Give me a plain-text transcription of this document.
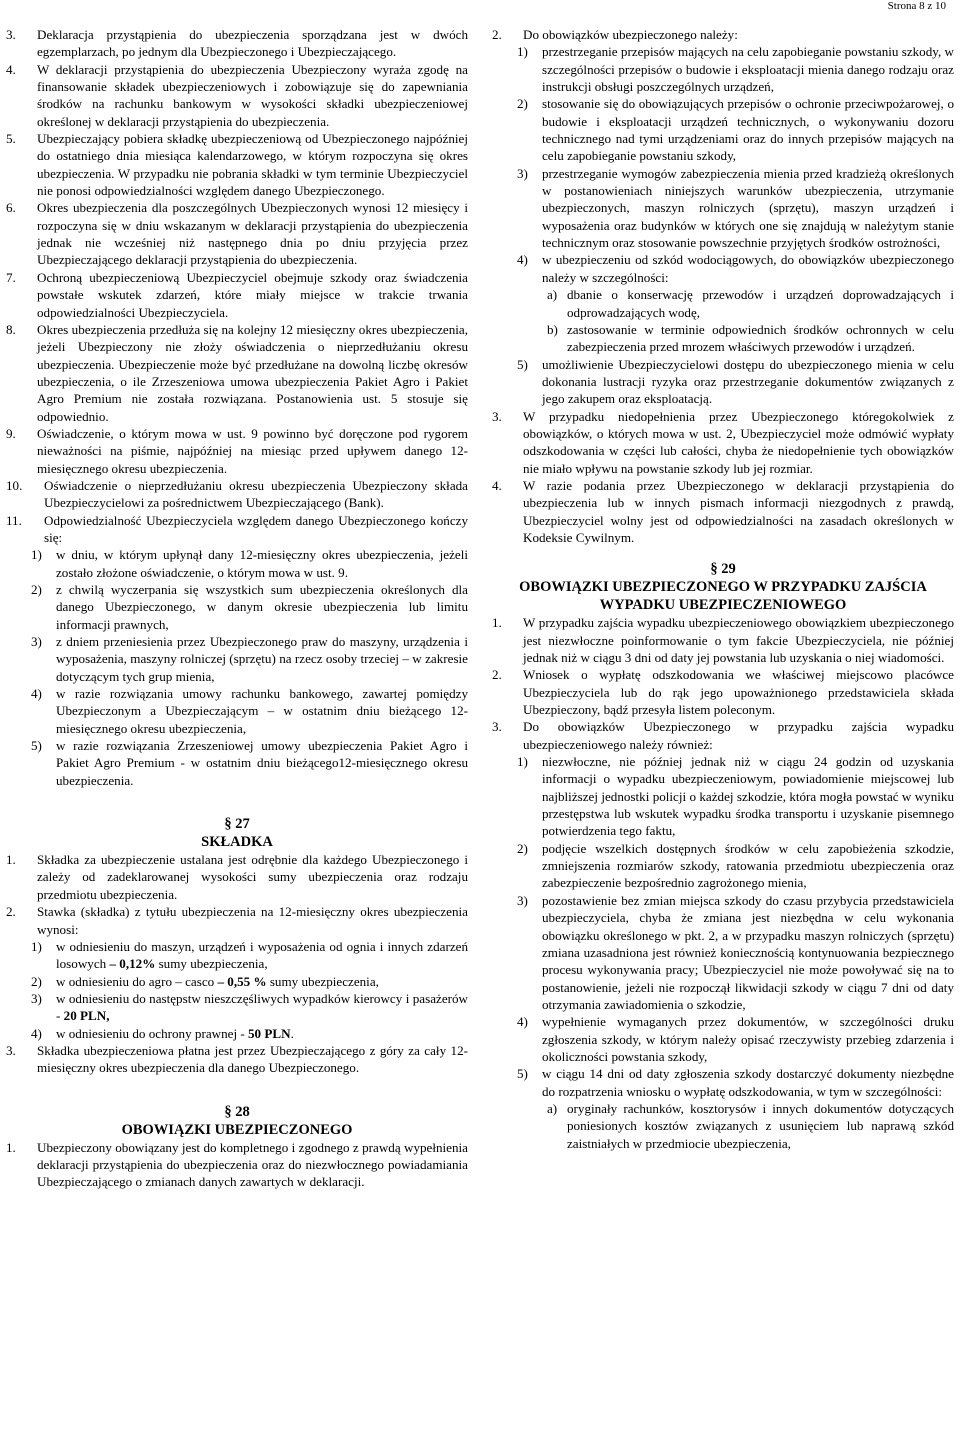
Strona 8 z 10

3. Deklaracja przystąpienia do ubezpieczenia sporządzana jest w dwóch egzemplarzach, po jednym dla Ubezpieczonego i Ubezpieczającego.

4. W deklaracji przystąpienia do ubezpieczenia Ubezpieczony wyraża zgodę na finansowanie składek ubezpieczeniowych i zobowiązuje się do zapewniania środków na rachunku bankowym w wysokości składki ubezpieczeniowej określonej w deklaracji przystąpienia do ubezpieczenia.

5. Ubezpieczający pobiera składkę ubezpieczeniową od Ubezpieczonego najpóźniej do ostatniego dnia miesiąca kalendarzowego, w którym rozpoczyna się okres ubezpieczenia. W przypadku nie pobrania składki w tym terminie Ubezpieczyciel nie ponosi odpowiedzialności względem danego Ubezpieczonego.

6. Okres ubezpieczenia dla poszczególnych Ubezpieczonych wynosi 12 miesięcy i rozpoczyna się w dniu wskazanym w deklaracji przystąpienia do ubezpieczenia jednak nie wcześniej niż następnego dnia po dniu przyjęcia przez Ubezpieczającego deklaracji przystąpienia do ubezpieczenia.

7. Ochroną ubezpieczeniową Ubezpieczyciel obejmuje szkody oraz świadczenia powstałe wskutek zdarzeń, które miały miejsce w trakcie trwania odpowiedzialności Ubezpieczyciela.

8. Okres ubezpieczenia przedłuża się na kolejny 12 miesięczny okres ubezpieczenia, jeżeli Ubezpieczony nie złoży oświadczenia o nieprzedłużaniu okresu ubezpieczenia. Ubezpieczenie może być przedłużane na dowolną liczbę okresów ubezpieczenia, o ile Zrzeszeniowa umowa ubezpieczenia Pakiet Agro i Pakiet Agro Premium nie została rozwiązana. Postanowienia ust. 5 stosuje się odpowiednio.

9. Oświadczenie, o którym mowa w ust. 9 powinno być doręczone pod rygorem nieważności na piśmie, najpóźniej na miesiąc przed upływem danego 12-miesięcznego okresu ubezpieczenia.

10. Oświadczenie o nieprzedłużaniu okresu ubezpieczenia Ubezpieczony składa Ubezpieczycielowi za pośrednictwem Ubezpieczającego (Bank).

11. Odpowiedzialność Ubezpieczyciela względem danego Ubezpieczonego kończy się:

1) w dniu, w którym upłynął dany 12-miesięczny okres ubezpieczenia, jeżeli zostało złożone oświadczenie, o którym mowa w ust. 9.

2) z chwilą wyczerpania się wszystkich sum ubezpieczenia określonych dla danego Ubezpieczonego, w danym okresie ubezpieczenia lub limitu informacji prawnych,

3) z dniem przeniesienia przez Ubezpieczonego praw do maszyny, urządzenia i wyposażenia, maszyny rolniczej (sprzętu) na rzecz osoby trzeciej – w zakresie dotyczącym tych grup mienia,

4) w razie rozwiązania umowy rachunku bankowego, zawartej pomiędzy Ubezpieczonym a Ubezpieczającym – w ostatnim dniu bieżącego 12-miesięcznego okresu ubezpieczenia,

5) w razie rozwiązania Zrzeszeniowej umowy ubezpieczenia Pakiet Agro i Pakiet Agro Premium - w ostatnim dniu bieżącego12-miesięcznego okresu ubezpieczenia.

§ 27

SKŁADKA

1. Składka za ubezpieczenie ustalana jest odrębnie dla każdego Ubezpieczonego i zależy od zadeklarowanej wysokości sumy ubezpieczenia oraz rodzaju przedmiotu ubezpieczenia.

2. Stawka (składka) z tytułu ubezpieczenia na 12-miesięczny okres ubezpieczenia wynosi:

1) w odniesieniu do maszyn, urządzeń i wyposażenia od ognia i innych zdarzeń losowych – 0,12% sumy ubezpieczenia,

2) w odniesieniu do agro – casco – 0,55 % sumy ubezpieczenia,

3) w odniesieniu do następstw nieszczęśliwych wypadków kierowcy i pasażerów - 20 PLN,

4) w odniesieniu do ochrony prawnej - 50 PLN.

3. Składka ubezpieczeniowa płatna jest przez Ubezpieczającego z góry za cały 12-miesięczny okres ubezpieczenia dla danego Ubezpieczonego.

§ 28

OBOWIĄZKI UBEZPIECZONEGO

1. Ubezpieczony obowiązany jest do kompletnego i zgodnego z prawdą wypełnienia deklaracji przystąpienia do ubezpieczenia oraz do niezwłocznego powiadamiania Ubezpieczającego o zmianach danych zawartych w deklaracji.

2. Do obowiązków ubezpieczonego należy:

1) przestrzeganie przepisów mających na celu zapobieganie powstaniu szkody, w szczególności przepisów o budowie i eksploatacji mienia danego rodzaju oraz instrukcji obsługi poszczególnych urządzeń,

2) stosowanie się do obowiązujących przepisów o ochronie przeciwpożarowej, o budowie i eksploatacji urządzeń technicznych, o wykonywaniu dozoru technicznego nad tymi urządzeniami oraz do innych przepisów mających na celu zapobieganie powstaniu szkody,

3) przestrzeganie wymogów zabezpieczenia mienia przed kradzieżą określonych w postanowieniach niniejszych warunków ubezpieczenia, utrzymanie ubezpieczonych, maszyn rolniczych (sprzętu), maszyn urządzeń i wyposażenia oraz budynków w których one się znajdują w należytym stanie technicznym oraz stosowanie powszechnie przyjętych środków ostrożności,

4) w ubezpieczeniu od szkód wodociągowych, do obowiązków ubezpieczonego należy w szczególności:

a) dbanie o konserwację przewodów i urządzeń doprowadzających i odprowadzających wodę,

b) zastosowanie w terminie odpowiednich środków ochronnych w celu zabezpieczenia przed mrozem właściwych przewodów i urządzeń.

5) umożliwienie Ubezpieczycielowi dostępu do ubezpieczonego mienia w celu dokonania lustracji ryzyka oraz przestrzeganie dokumentów związanych z jego zakupem oraz eksploatacją.

3. W przypadku niedopełnienia przez Ubezpieczonego któregokolwiek z obowiązków, o których mowa w ust. 2, Ubezpieczyciel może odmówić wypłaty odszkodowania w części lub całości, chyba że niedopełnienie tych obowiązków nie miało wpływu na powstanie szkody lub jej rozmiar.

4. W razie podania przez Ubezpieczonego w deklaracji przystąpienia do ubezpieczenia lub w innych pismach informacji niezgodnych z prawdą, Ubezpieczyciel wolny jest od odpowiedzialności na zasadach określonych w Kodeksie Cywilnym.

§ 29

OBOWIĄZKI UBEZPIECZONEGO W PRZYPADKU ZAJŚCIA WYPADKU UBEZPIECZENIOWEGO

1. W przypadku zajścia wypadku ubezpieczeniowego obowiązkiem ubezpieczonego jest niezwłoczne poinformowanie o tym fakcie Ubezpieczyciela, nie później jednak niż w ciągu 3 dni od daty jej powstania lub uzyskania o niej wiadomości.

2. Wniosek o wypłatę odszkodowania we właściwej miejscowo placówce Ubezpieczyciela lub do rąk jego upoważnionego przedstawiciela składa Ubezpieczony, bądź przesyła listem poleconym.

3. Do obowiązków Ubezpieczonego w przypadku zajścia wypadku ubezpieczeniowego należy również:

1) niezwłoczne, nie później jednak niż w ciągu 24 godzin od uzyskania informacji o wypadku ubezpieczeniowym, powiadomienie miejscowej lub najbliższej jednostki policji o każdej szkodzie, która mogła powstać w wyniku przestępstwa lub wskutek wypadku środka transportu i uzyskanie pisemnego potwierdzenia tego faktu,

2) podjęcie wszelkich dostępnych środków w celu zapobieżenia szkodzie, zmniejszenia rozmiarów szkody, ratowania przedmiotu ubezpieczenia oraz zabezpieczenie bezpośrednio zagrożonego mienia,

3) pozostawienie bez zmian miejsca szkody do czasu przybycia przedstawiciela ubezpieczyciela, chyba że zmiana jest niezbędna w celu wykonania obowiązku określonego w pkt. 2, a w przypadku maszyn rolniczych (sprzętu) zmiana uzasadniona jest również koniecznością kontynuowania bezpiecznego procesu wykonywania pracy; Ubezpieczyciel nie może powoływać się na to postanowienie, jeżeli nie rozpoczął likwidacji szkody w ciągu 7 dni od daty otrzymania zawiadomienia o szkodzie,

4) wypełnienie wymaganych przez dokumentów, w szczególności druku zgłoszenia szkody, w którym należy opisać rzeczywisty przebieg zdarzenia i okoliczności powstania szkody,

5) w ciągu 14 dni od daty zgłoszenia szkody dostarczyć dokumenty niezbędne do rozpatrzenia wniosku o wypłatę odszkodowania, w tym w szczególności:

a) oryginały rachunków, kosztorysów i innych dokumentów dotyczących poniesionych kosztów związanych z usunięciem lub naprawą szkód zaistniałych w przedmiocie ubezpieczenia,
